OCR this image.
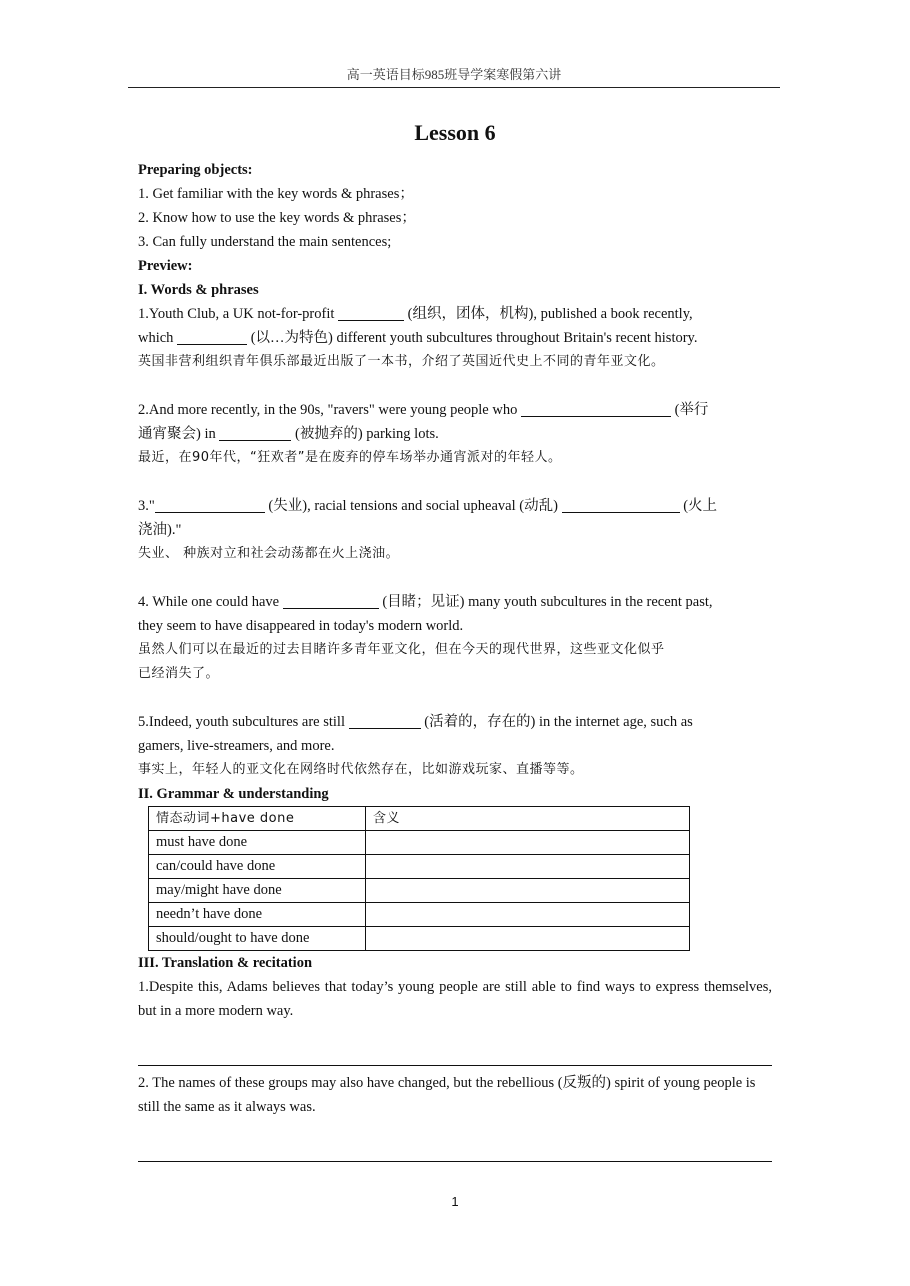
高一英语目标985班导学案寒假第六讲
Lesson 6

Preparing objects:

1. Get familiar with the key words & phrases；

2. Know how to use the key words & phrases；

3. Can fully understand the main sentences;

Preview:

I. Words & phrases

1.Youth Club, a UK not-for-profit	(组织，团体，机构), published a book recently,

which	(以…为特色) different youth subcultures throughout Britain's recent history.

英国非营利组织青年俱乐部最近出版了一本书，介绍了英国近代史上不同的青年亚文化。

2.And more recently, in the 90s, "ravers" were young people who	(举行

通宵聚会) in	(被抛弃的) parking lots.

最近，在90年代，“狂欢者”是在废弃的停车场举办通宵派对的年轻人。

3."	(失业), racial tensions and social upheaval (动乱)	(火上

浇油)."

失业、 种族对立和社会动荡都在火上浇油。

4. While one could have	(目睹；见证) many youth subcultures in the recent past,

they seem to have disappeared in today's modern world.

虽然人们可以在最近的过去目睹许多青年亚文化，但在今天的现代世界，这些亚文化似乎

已经消失了。

5.Indeed, youth subcultures are still	(活着的，存在的) in the internet age, such as

gamers, live-streamers, and more.

事实上，年轻人的亚文化在网络时代依然存在，比如游戏玩家、直播等等。

II. Grammar & understanding

情态动词+have done	含义
must have done	
can/could have done	
may/might have done	
needn’t have done	
should/ought to have done	

III. Translation & recitation

1.Despite this, Adams believes that today’s young people are still able to find ways to express themselves, but in a more modern way.

2. The names of these groups may also have changed, but the rebellious (反叛的) spirit of young people is still the same as it always was.

1
